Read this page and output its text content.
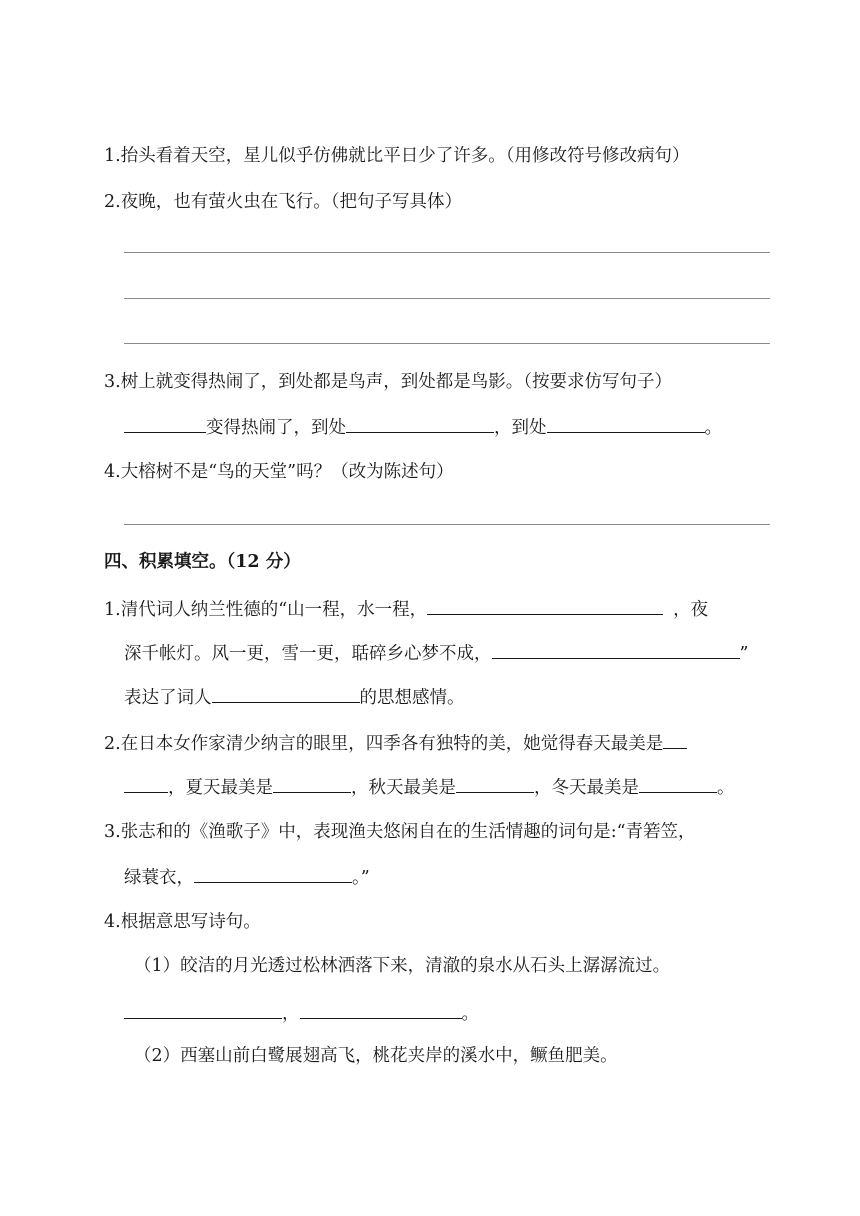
1.抬头看着天空，星儿似乎仿佛就比平日少了许多。（用修改符号修改病句）
2.夜晚，也有萤火虫在飞行。（把句子写具体）
3.树上就变得热闹了，到处都是鸟声，到处都是鸟影。（按要求仿写句子）
变得热闹了，到处	，到处	。
4.大榕树不是“鸟的天堂”吗？（改为陈述句）
四、积累填空。（12 分）
1.清代词人纳兰性德的“山一程，水一程，	，夜
深千帐灯。风一更，雪一更，聒碎乡心梦不成，	”
表达了词人	的思想感情。
2.在日本女作家清少纳言的眼里，四季各有独特的美，她觉得春天最美是
，夏天最美是	，秋天最美是	，冬天最美是	。
3.张志和的《渔歌子》中，表现渔夫悠闲自在的生活情趣的词句是:“青箬笠，
绿蓑衣，	。”
4.根据意思写诗句。
（1）皎洁的月光透过松林洒落下来，清澈的泉水从石头上潺潺流过。
，	。
（2）西塞山前白鹭展翅高飞，桃花夹岸的溪水中，鳜鱼肥美。
